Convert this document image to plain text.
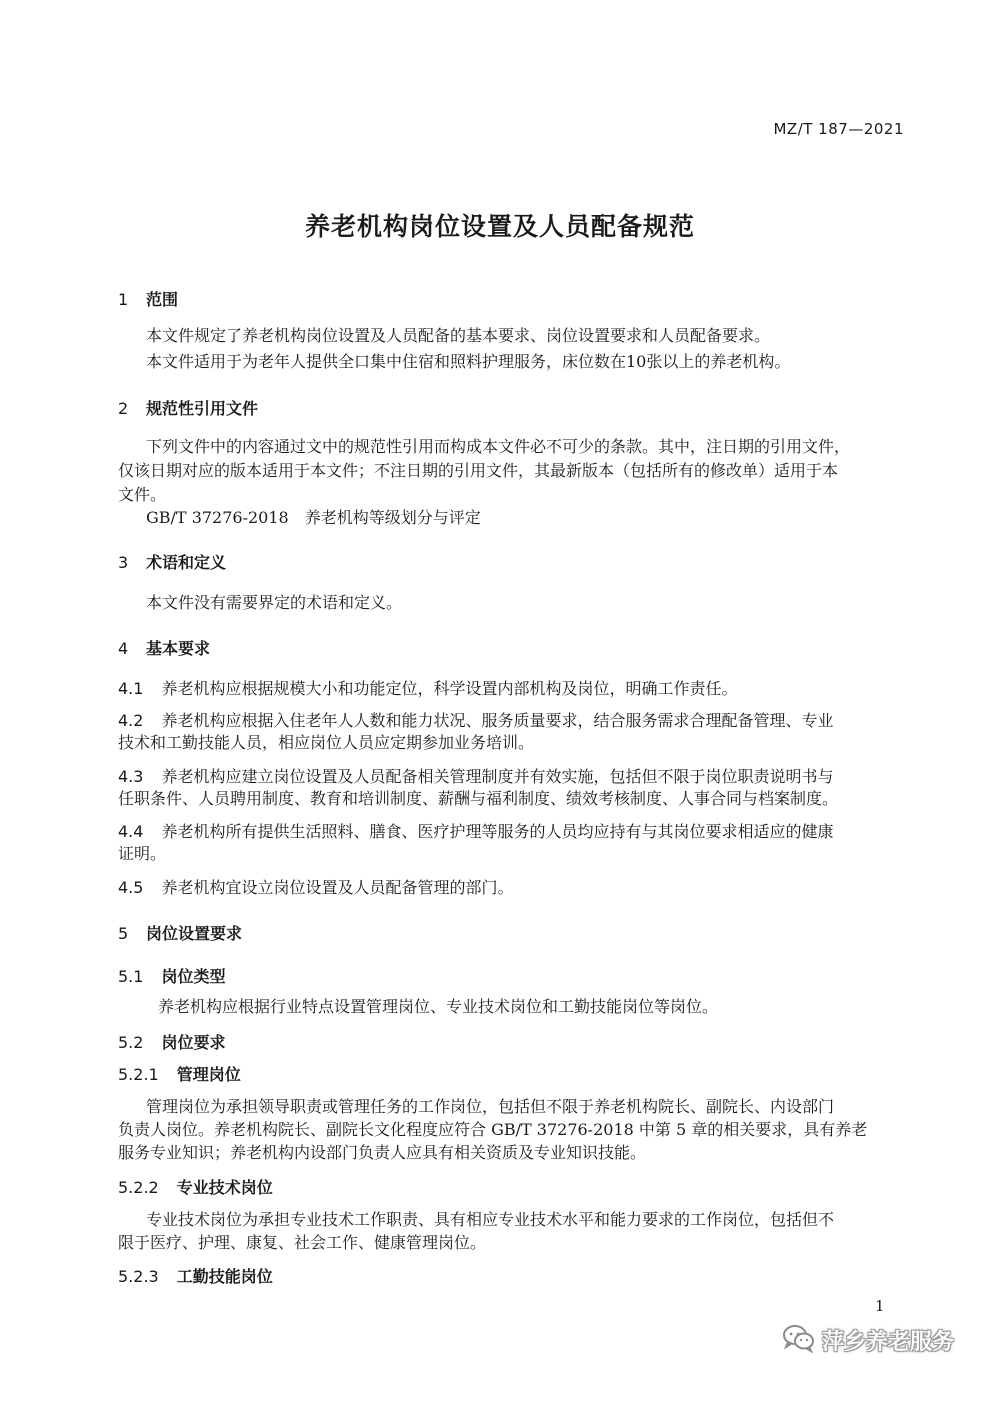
MZ/T 187—2021
养老机构岗位设置及人员配备规范
1 范围
本文件规定了养老机构岗位设置及人员配备的基本要求、岗位设置要求和人员配备要求。
本文件适用于为老年人提供全口集中住宿和照料护理服务，床位数在10张以上的养老机构。
2 规范性引用文件
下列文件中的内容通过文中的规范性引用而构成本文件必不可少的条款。其中，注日期的引用文件，
仅该日期对应的版本适用于本文件；不注日期的引用文件，其最新版本（包括所有的修改单）适用于本
文件。
GB/T 37276-2018　养老机构等级划分与评定
3 术语和定义
本文件没有需要界定的术语和定义。
4 基本要求
4.1 养老机构应根据规模大小和功能定位，科学设置内部机构及岗位，明确工作责任。
4.2 养老机构应根据入住老年人人数和能力状况、服务质量要求，结合服务需求合理配备管理、专业
技术和工勤技能人员，相应岗位人员应定期参加业务培训。
4.3 养老机构应建立岗位设置及人员配备相关管理制度并有效实施，包括但不限于岗位职责说明书与
任职条件、人员聘用制度、教育和培训制度、薪酬与福利制度、绩效考核制度、人事合同与档案制度。
4.4 养老机构所有提供生活照料、膳食、医疗护理等服务的人员均应持有与其岗位要求相适应的健康
证明。
4.5 养老机构宜设立岗位设置及人员配备管理的部门。
5 岗位设置要求
5.1 岗位类型
养老机构应根据行业特点设置管理岗位、专业技术岗位和工勤技能岗位等岗位。
5.2 岗位要求
5.2.1 管理岗位
管理岗位为承担领导职责或管理任务的工作岗位，包括但不限于养老机构院长、副院长、内设部门
负责人岗位。养老机构院长、副院长文化程度应符合 GB/T 37276-2018 中第 5 章的相关要求，具有养老
服务专业知识；养老机构内设部门负责人应具有相关资质及专业知识技能。
5.2.2 专业技术岗位
专业技术岗位为承担专业技术工作职责、具有相应专业技术水平和能力要求的工作岗位，包括但不
限于医疗、护理、康复、社会工作、健康管理岗位。
5.2.3 工勤技能岗位
1
萍乡养老服务
